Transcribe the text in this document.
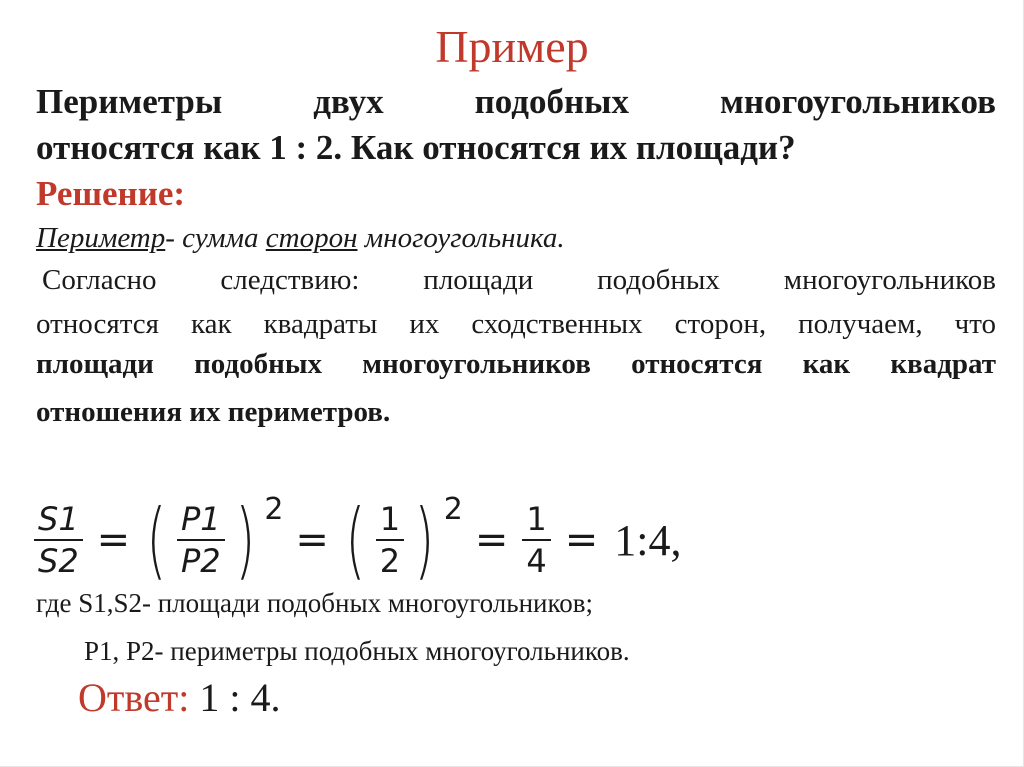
Пример
Периметры двух подобных многоугольников
относятся как 1 : 2. Как относятся их площади?
Решение:
Периметр- сумма сторон многоугольника.
Согласно следствию: площади подобных многоугольников
относятся как квадраты их сходственных сторон, получаем, что
площади подобных многоугольников относятся как квадрат
отношения их периметров.
$\frac{S1}{S2}$ = ( $\frac{P1}{P2}$ ) 2
= ( $\frac{1}{2}$ ) 2
= $\frac{1}{4}$ = 1:4,
где S1,S2- площади подобных многоугольников;
P1, P2- периметры подобных многоугольников.
Ответ: 1 : 4.
